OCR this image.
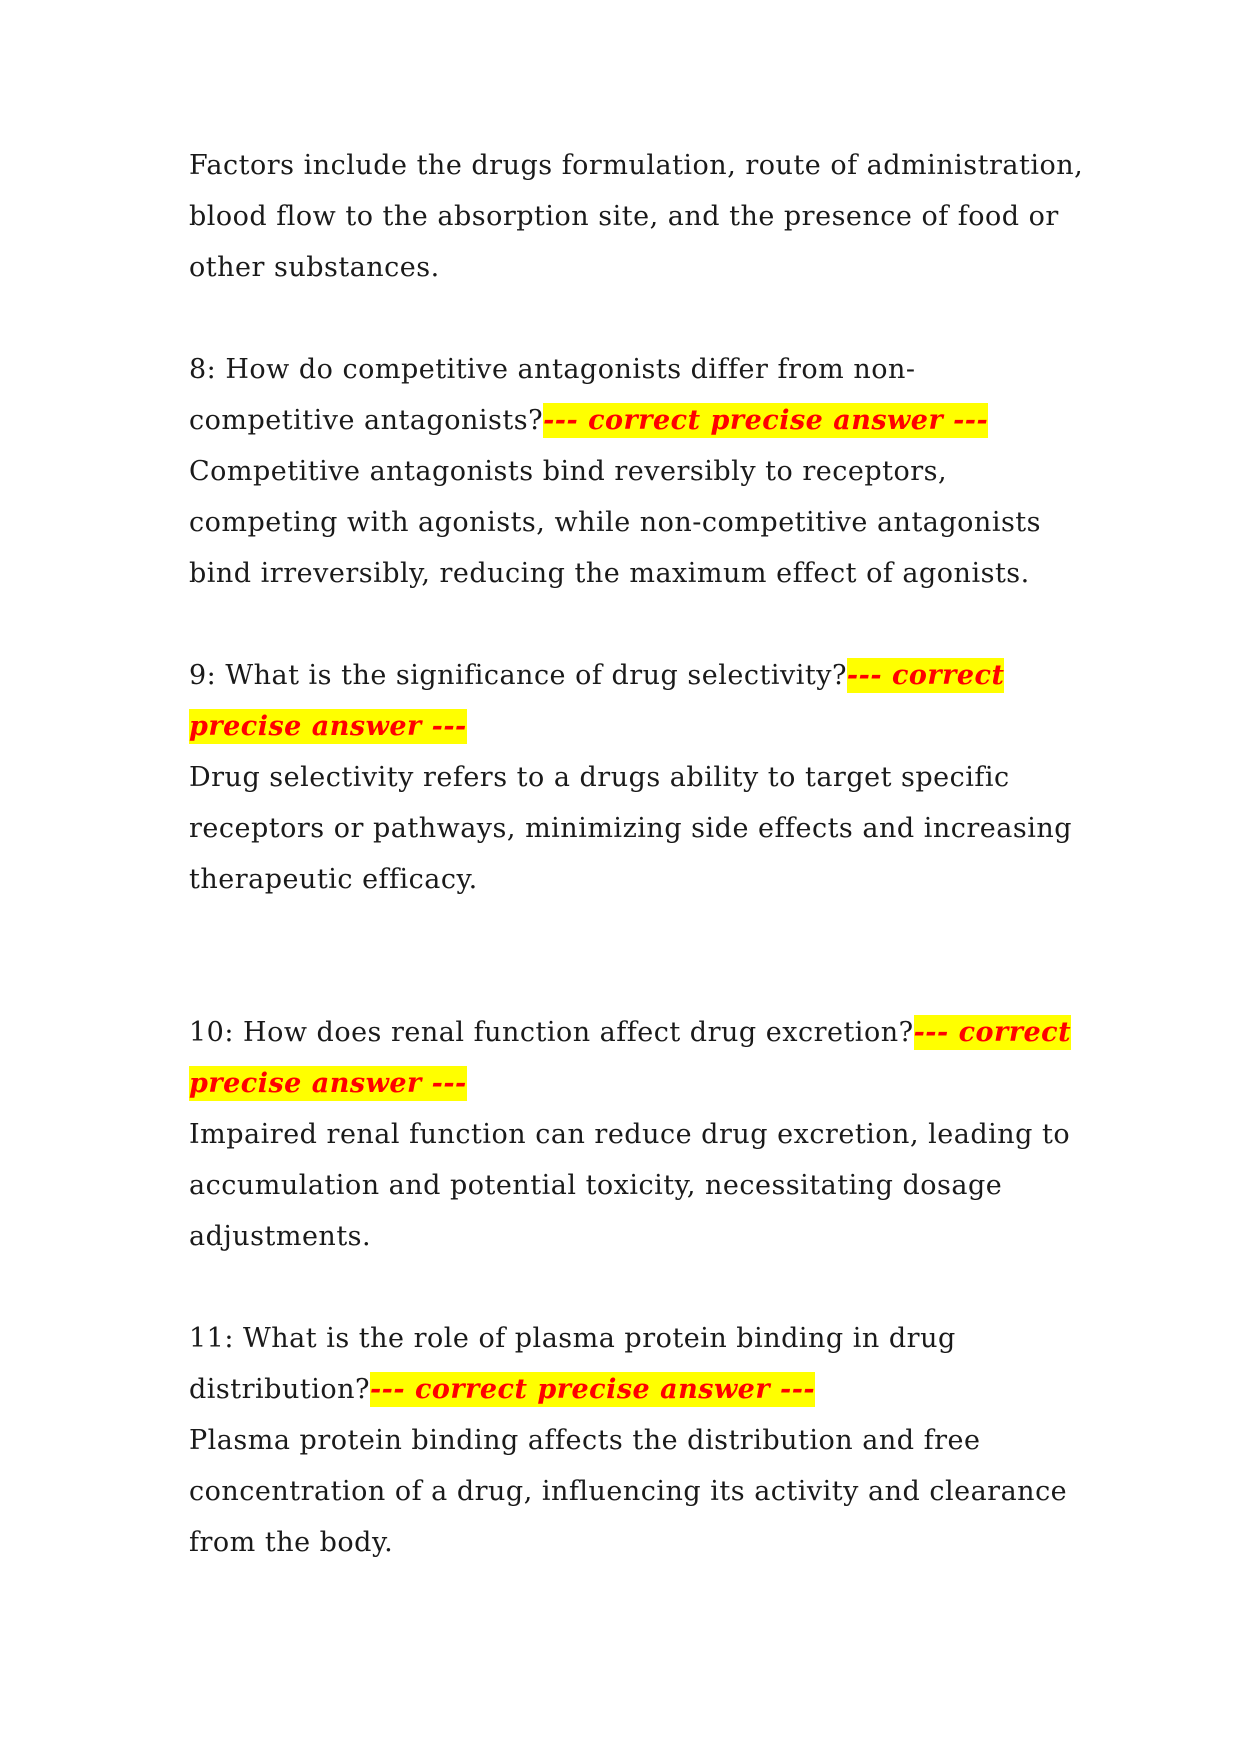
Factors include the drugs formulation, route of administration,

blood flow to the absorption site, and the presence of food or

other substances.

8: How do competitive antagonists differ from non-

competitive antagonists?--- correct precise answer ---

Competitive antagonists bind reversibly to receptors,

competing with agonists, while non-competitive antagonists

bind irreversibly, reducing the maximum effect of agonists.

9: What is the significance of drug selectivity?--- correct

precise answer ---

Drug selectivity refers to a drugs ability to target specific

receptors or pathways, minimizing side effects and increasing

therapeutic efficacy.

10: How does renal function affect drug excretion?--- correct

precise answer ---

Impaired renal function can reduce drug excretion, leading to

accumulation and potential toxicity, necessitating dosage

adjustments.

11: What is the role of plasma protein binding in drug

distribution?--- correct precise answer ---

Plasma protein binding affects the distribution and free

concentration of a drug, influencing its activity and clearance

from the body.
